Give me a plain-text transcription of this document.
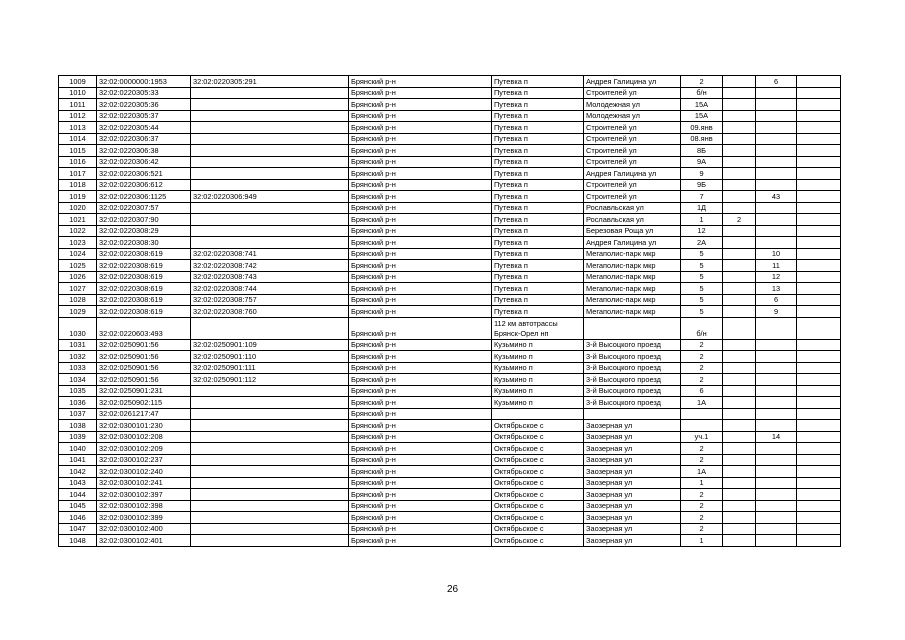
1009	32:02:0000000:1953	32:02:0220305:291	Брянский р-н	Путевка п	Андрея Галицина ул	2		6	
1010	32:02:0220305:33		Брянский р-н	Путевка п	Строителей ул	б/н			
1011	32:02:0220305:36		Брянский р-н	Путевка п	Молодежная ул	15А			
1012	32:02:0220305:37		Брянский р-н	Путевка п	Молодежная ул	15А			
1013	32:02:0220305:44		Брянский р-н	Путевка п	Строителей ул	09.янв			
1014	32:02:0220306:37		Брянский р-н	Путевка п	Строителей ул	08.янв			
1015	32:02:0220306:38		Брянский р-н	Путевка п	Строителей ул	8Б			
1016	32:02:0220306:42		Брянский р-н	Путевка п	Строителей ул	9А			
1017	32:02:0220306:521		Брянский р-н	Путевка п	Андрея Галицина ул	9			
1018	32:02:0220306:612		Брянский р-н	Путевка п	Строителей ул	9Б			
1019	32:02:0220306:1125	32:02:0220306:949	Брянский р-н	Путевка п	Строителей ул	7		43	
1020	32:02:0220307:57		Брянский р-н	Путевка п	Рославльская ул	1Д			
1021	32:02:0220307:90		Брянский р-н	Путевка п	Рославльская ул	1	2		
1022	32:02:0220308:29		Брянский р-н	Путевка п	Березовая Роща ул	12			
1023	32:02:0220308:30		Брянский р-н	Путевка п	Андрея Галицина ул	2А			
1024	32:02:0220308:619	32:02:0220308:741	Брянский р-н	Путевка п	Мегаполис-парк мкр	5		10	
1025	32:02:0220308:619	32:02:0220308:742	Брянский р-н	Путевка п	Мегаполис-парк мкр	5		11	
1026	32:02:0220308:619	32:02:0220308:743	Брянский р-н	Путевка п	Мегаполис-парк мкр	5		12	
1027	32:02:0220308:619	32:02:0220308:744	Брянский р-н	Путевка п	Мегаполис-парк мкр	5		13	
1028	32:02:0220308:619	32:02:0220308:757	Брянский р-н	Путевка п	Мегаполис-парк мкр	5		6	
1029	32:02:0220308:619	32:02:0220308:760	Брянский р-н	Путевка п	Мегаполис-парк мкр	5		9	
1030	32:02:0220603:493		Брянский р-н	112 км автотрассы
Брянск-Орел нп		б/н			
1031	32:02:0250901:56	32:02:0250901:109	Брянский р-н	Кузьмино п	3-й Высоцкого проезд	2			
1032	32:02:0250901:56	32:02:0250901:110	Брянский р-н	Кузьмино п	3-й Высоцкого проезд	2			
1033	32:02:0250901:56	32:02:0250901:111	Брянский р-н	Кузьмино п	3-й Высоцкого проезд	2			
1034	32:02:0250901:56	32:02:0250901:112	Брянский р-н	Кузьмино п	3-й Высоцкого проезд	2			
1035	32:02:0250901:231		Брянский р-н	Кузьмино п	3-й Высоцкого проезд	6			
1036	32:02:0250902:115		Брянский р-н	Кузьмино п	3-й Высоцкого проезд	1А			
1037	32:02:0261217:47		Брянский р-н						
1038	32:02:0300101:230		Брянский р-н	Октябрьское с	Заозерная ул				
1039	32:02:0300102:208		Брянский р-н	Октябрьское с	Заозерная ул	уч.1		14	
1040	32:02:0300102:209		Брянский р-н	Октябрьское с	Заозерная ул	2			
1041	32:02:0300102:237		Брянский р-н	Октябрьское с	Заозерная ул	2			
1042	32:02:0300102:240		Брянский р-н	Октябрьское с	Заозерная ул	1А			
1043	32:02:0300102:241		Брянский р-н	Октябрьское с	Заозерная ул	1			
1044	32:02:0300102:397		Брянский р-н	Октябрьское с	Заозерная ул	2			
1045	32:02:0300102:398		Брянский р-н	Октябрьское с	Заозерная ул	2			
1046	32:02:0300102:399		Брянский р-н	Октябрьское с	Заозерная ул	2			
1047	32:02:0300102:400		Брянский р-н	Октябрьское с	Заозерная ул	2			
1048	32:02:0300102:401		Брянский р-н	Октябрьское с	Заозерная ул	1			
26
